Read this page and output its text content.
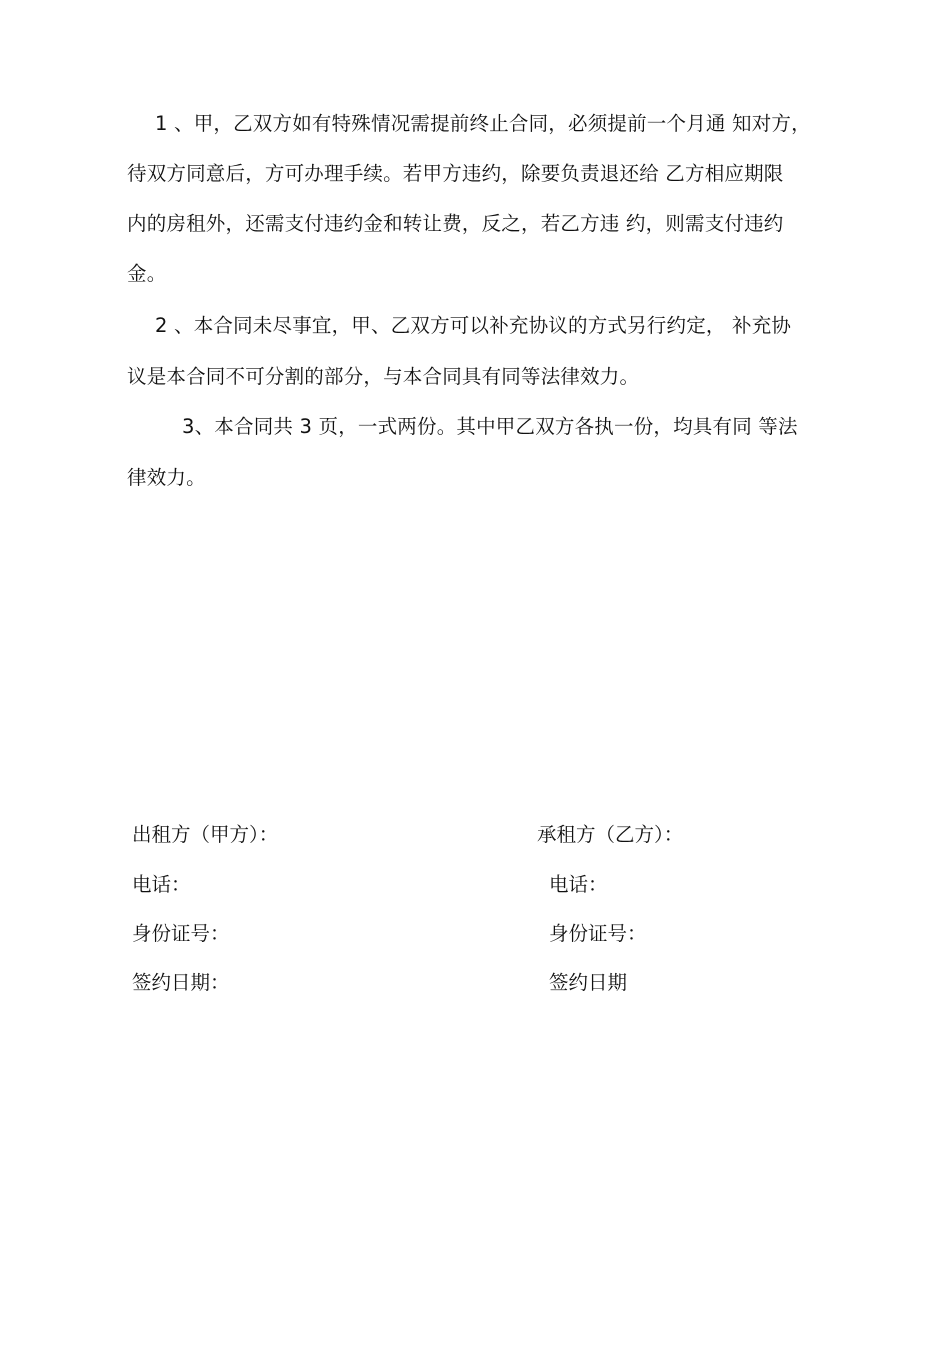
1 、甲，乙双方如有特殊情况需提前终止合同，必须提前一个月通 知对方，
待双方同意后，方可办理手续。若甲方违约，除要负责退还给 乙方相应期限
内的房租外，还需支付违约金和转让费，反之，若乙方违 约，则需支付违约
金。
2 、本合同未尽事宜，甲、乙双方可以补充协议的方式另行约定， 补充协
议是本合同不可分割的部分，与本合同具有同等法律效力。
3、本合同共 3 页，一式两份。其中甲乙双方各执一份，均具有同 等法
律效力。
出租方（甲方）：
电话：
身份证号：
签约日期：
承租方（乙方）：
电话：
身份证号：
签约日期
